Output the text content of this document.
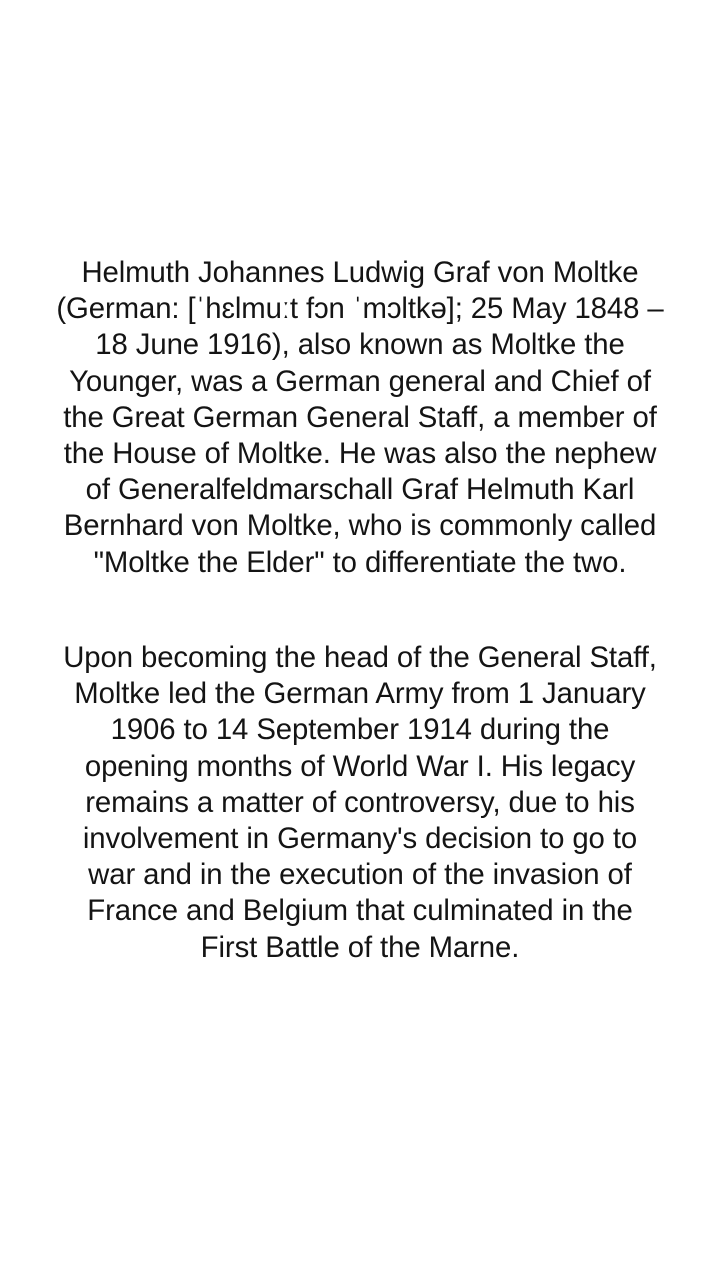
Helmuth Johannes Ludwig Graf von Moltke
(German: [ˈhɛlmuːt fɔn ˈmɔltkə]; 25 May 1848 –
18 June 1916), also known as Moltke the
Younger, was a German general and Chief of
the Great German General Staff, a member of
the House of Moltke. He was also the nephew
of Generalfeldmarschall Graf Helmuth Karl
Bernhard von Moltke, who is commonly called
"Moltke the Elder" to differentiate the two.

Upon becoming the head of the General Staff,
Moltke led the German Army from 1 January
1906 to 14 September 1914 during the
opening months of World War I. His legacy
remains a matter of controversy, due to his
involvement in Germany's decision to go to
war and in the execution of the invasion of
France and Belgium that culminated in the
First Battle of the Marne.
